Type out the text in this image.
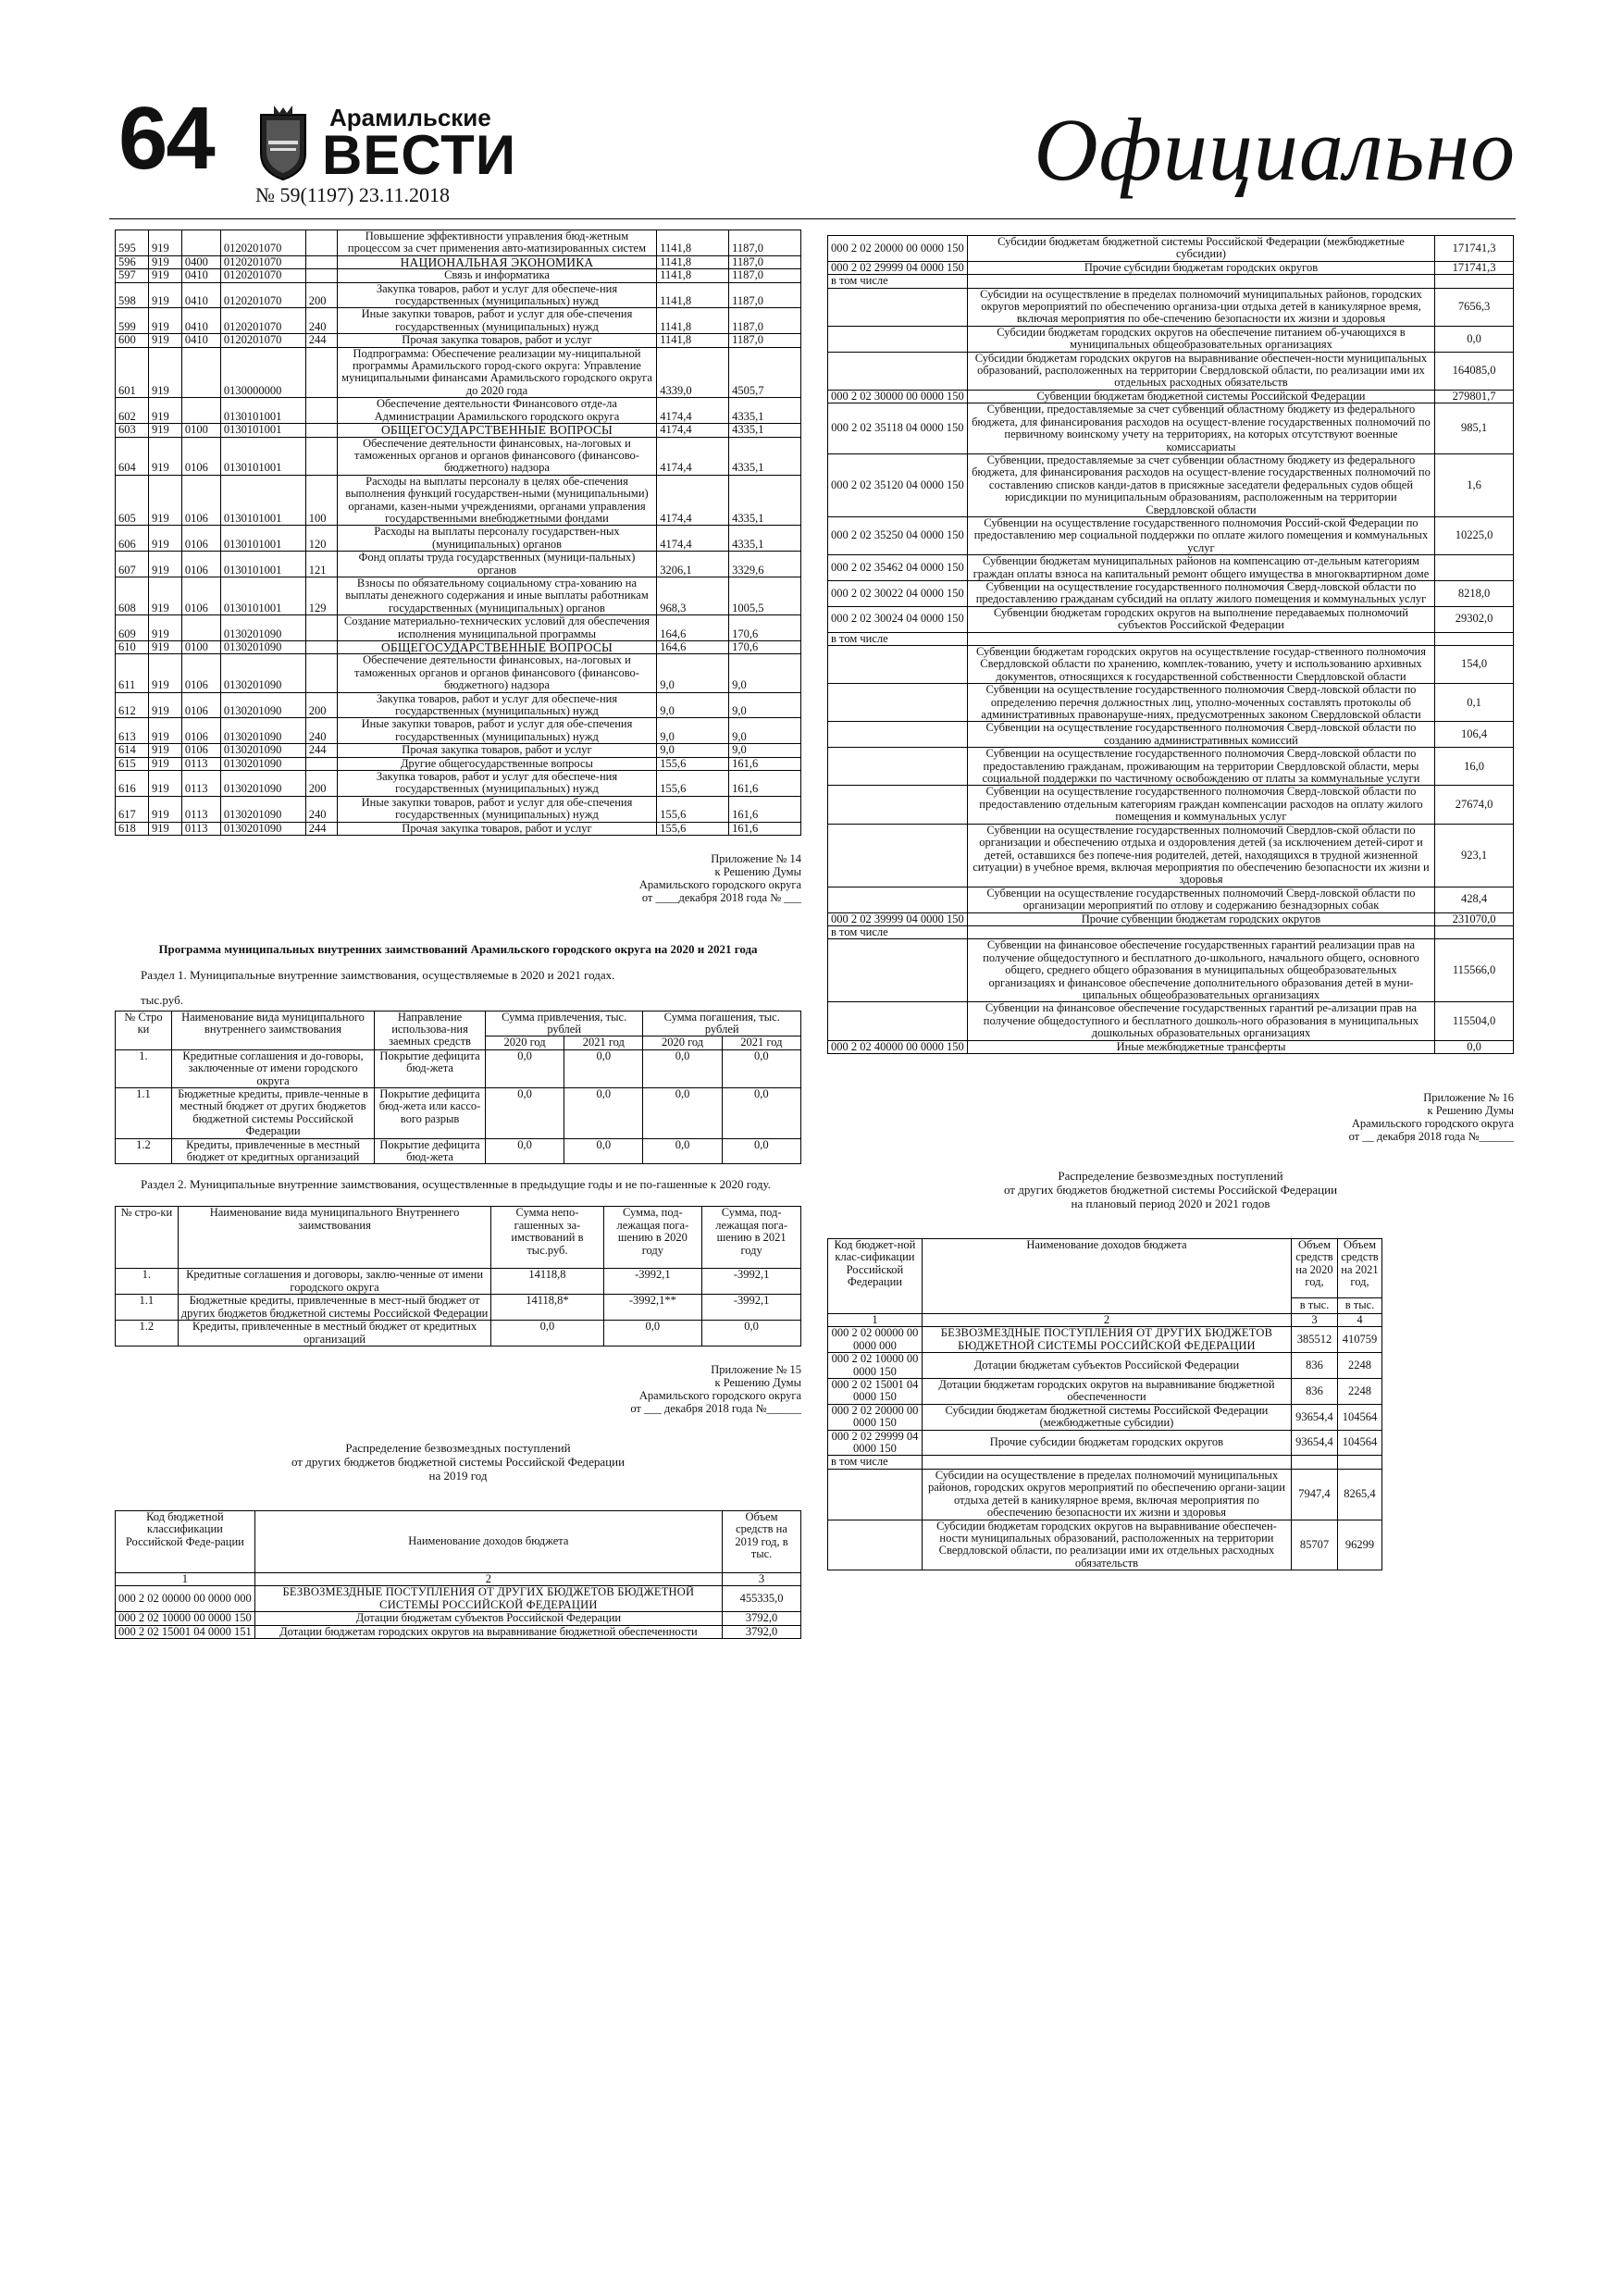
64	Арамильские
ВЕСТИ
№ 59(1197) 23.11.2018	Официально
595	919		0120201070		Повышение эффективности управления бюд-жетным процессом за счет применения авто-матизированных систем	1141,8	1187,0
596	919	0400	0120201070		НАЦИОНАЛЬНАЯ ЭКОНОМИКА	1141,8	1187,0
597	919	0410	0120201070		Связь и информатика	1141,8	1187,0
598	919	0410	0120201070	200	Закупка товаров, работ и услуг для обеспече-ния государственных (муниципальных) нужд	1141,8	1187,0
599	919	0410	0120201070	240	Иные закупки товаров, работ и услуг для обе-спечения государственных (муниципальных) нужд	1141,8	1187,0
600	919	0410	0120201070	244	Прочая закупка товаров, работ и услуг	1141,8	1187,0
601	919		0130000000		Подпрограмма: Обеспечение реализации му-ниципальной программы Арамильского город-ского округа: Управление муниципальными финансами Арамильского городского округа до 2020 года	4339,0	4505,7
602	919		0130101001		Обеспечение деятельности Финансового отде-ла Администрации Арамильского городского округа	4174,4	4335,1
603	919	0100	0130101001		ОБЩЕГОСУДАРСТВЕННЫЕ ВОПРОСЫ	4174,4	4335,1
604	919	0106	0130101001		Обеспечение деятельности финансовых, на-логовых и таможенных органов и органов финансового (финансово-бюджетного) надзора	4174,4	4335,1
605	919	0106	0130101001	100	Расходы на выплаты персоналу в целях обе-спечения выполнения функций государствен-ными (муниципальными) органами, казен-ными учреждениями, органами управления государственными внебюджетными фондами	4174,4	4335,1
606	919	0106	0130101001	120	Расходы на выплаты персоналу государствен-ных (муниципальных) органов	4174,4	4335,1
607	919	0106	0130101001	121	Фонд оплаты труда государственных (муници-пальных) органов	3206,1	3329,6
608	919	0106	0130101001	129	Взносы по обязательному социальному стра-хованию на выплаты денежного содержания и иные выплаты работникам государственных (муниципальных) органов	968,3	1005,5
609	919		0130201090		Создание материально-технических условий для обеспечения исполнения муниципальной программы	164,6	170,6
610	919	0100	0130201090		ОБЩЕГОСУДАРСТВЕННЫЕ ВОПРОСЫ	164,6	170,6
611	919	0106	0130201090		Обеспечение деятельности финансовых, на-логовых и таможенных органов и органов финансового (финансово-бюджетного) надзора	9,0	9,0
612	919	0106	0130201090	200	Закупка товаров, работ и услуг для обеспече-ния государственных (муниципальных) нужд	9,0	9,0
613	919	0106	0130201090	240	Иные закупки товаров, работ и услуг для обе-спечения государственных (муниципальных) нужд	9,0	9,0
614	919	0106	0130201090	244	Прочая закупка товаров, работ и услуг	9,0	9,0
615	919	0113	0130201090		Другие общегосударственные вопросы	155,6	161,6
616	919	0113	0130201090	200	Закупка товаров, работ и услуг для обеспече-ния государственных (муниципальных) нужд	155,6	161,6
617	919	0113	0130201090	240	Иные закупки товаров, работ и услуг для обе-спечения государственных (муниципальных) нужд	155,6	161,6
618	919	0113	0130201090	244	Прочая закупка товаров, работ и услуг	155,6	161,6
Приложение № 14
к Решению Думы
Арамильского городского округа
от ____декабря 2018 года № ___
Программа муниципальных внутренних заимствований Арамильского городского округа на 2020 и 2021 года
Раздел 1. Муниципальные внутренние заимствования, осуществляемые в 2020 и 2021 годах.
тыс.руб.
№ Стро ки	Наименование вида муниципального внутреннего заимствования	Направление использова-ния заемных средств	Сумма привлечения, тыс. рублей		Сумма погашения, тыс. рублей	
			2020 год	2021 год	2020 год	2021 год
1.	Кредитные соглашения и до-говоры, заключенные от имени городского округа	Покрытие дефицита бюд-жета	0,0	0,0	0,0	0,0
1.1	Бюджетные кредиты, привле-ченные в местный бюджет от других бюджетов бюджетной системы Российской Федерации	Покрытие дефицита бюд-жета или кассо-вого разрыв	0,0	0,0	0,0	0,0
1.2	Кредиты, привлеченные в местный бюджет от кредитных организаций	Покрытие дефицита бюд-жета	0,0	0,0	0,0	0,0
Раздел 2. Муниципальные внутренние заимствования, осуществленные в предыдущие годы и не по-гашенные к 2020 году.
№ стро-ки	Наименование вида муниципального Внутреннего заимствования	Сумма непо-гашенных за-имствований в тыс.руб.	Сумма, под-лежащая пога-шению в 2020 году	Сумма, под-лежащая пога-шению в 2021 году
1.	Кредитные соглашения и договоры, заклю-ченные от имени городского округа	14118,8	-3992,1	-3992,1
1.1	Бюджетные кредиты, привлеченные в мест-ный бюджет от других бюджетов бюджетной системы Российской Федерации	14118,8*	-3992,1**	-3992,1
1.2	Кредиты, привлеченные в местный бюджет от кредитных организаций	0,0	0,0	0,0
Приложение № 15
к Решению Думы
Арамильского городского округа
от ___ декабря 2018 года №______
Распределение безвозмездных поступлений
от других бюджетов бюджетной системы Российской Федерации
на 2019 год
Код бюджетной классификации Российской Феде-рации	Наименование доходов бюджета	Объем средств на 2019 год, в тыс.
1	2	3
000 2 02 00000 00 0000 000	БЕЗВОЗМЕЗДНЫЕ ПОСТУПЛЕНИЯ ОТ ДРУГИХ БЮДЖЕТОВ БЮДЖЕТНОЙ СИСТЕМЫ РОССИЙСКОЙ ФЕДЕРАЦИИ	455335,0
000 2 02 10000 00 0000 150	Дотации бюджетам субъектов Российской Федерации	3792,0
000 2 02 15001 04 0000 151	Дотации бюджетам городских округов на выравнивание бюджетной обеспеченности	3792,0
000 2 02 20000 00 0000 150	Субсидии бюджетам бюджетной системы Российской Федерации (межбюджетные субсидии)	171741,3
000 2 02 29999 04 0000 150	Прочие субсидии бюджетам городских округов	171741,3
в том числе		
	Субсидии на осуществление в пределах полномочий муниципальных районов, городских округов мероприятий по обеспечению организа-ции отдыха детей в каникулярное время, включая мероприятия по обе-спечению безопасности их жизни и здоровья	7656,3
	Субсидии бюджетам городских округов на обеспечение питанием об-учающихся в муниципальных общеобразовательных организациях	0,0
	Субсидии бюджетам городских округов на выравнивание обеспечен-ности муниципальных образований, расположенных на территории Свердловской области, по реализации ими их отдельных расходных обязательств	164085,0
000 2 02 30000 00 0000 150	Субвенции бюджетам бюджетной системы Российской Федерации	279801,7
000 2 02 35118 04 0000 150	Субвенции, предоставляемые за счет субвенций областному бюджету из федерального бюджета, для финансирования расходов на осущест-вление государственных полномочий по первичному воинскому учету на территориях, на которых отсутствуют военные комиссариаты	985,1
000 2 02 35120 04 0000 150	Субвенции, предоставляемые за счет субвенции областному бюджету из федерального бюджета, для финансирования расходов на осущест-вление государственных полномочий по составлению списков канди-датов в присяжные заседатели федеральных судов общей юрисдикции по муниципальным образованиям, расположенным на территории Свердловской области	1,6
000 2 02 35250 04 0000 150	Субвенции на осуществление государственного полномочия Россий-ской Федерации по предоставлению мер социальной поддержки по оплате жилого помещения и коммунальных услуг	10225,0
000 2 02 35462 04 0000 150	Субвенции бюджетам муниципальных районов на компенсацию от-дельным категориям граждан оплаты взноса на капитальный ремонт общего имущества в многоквартирном доме	
000 2 02 30022 04 0000 150	Субвенции на осуществление государственного полномочия Сверд-ловской области по предоставлению гражданам субсидий на оплату жилого помещения и коммунальных услуг	8218,0
000 2 02 30024 04 0000 150	Субвенции бюджетам городских округов на выполнение передаваемых полномочий субъектов Российской Федерации	29302,0
в том числе		
	Субвенции бюджетам городских округов на осуществление государ-ственного полномочия Свердловской области по хранению, комплек-тованию, учету и использованию архивных документов, относящихся к государственной собственности Свердловской области	154,0
	Субвенции на осуществление государственного полномочия Сверд-ловской области по определению перечня должностных лиц, уполно-моченных составлять протоколы об административных правонаруше-ниях, предусмотренных законом Свердловской области	0,1
	Субвенции на осуществление государственного полномочия Сверд-ловской области по созданию административных комиссий	106,4
	Субвенции на осуществление государственного полномочия Сверд-ловской области по предоставлению гражданам, проживающим на территории Свердловской области, меры социальной поддержки по частичному освобождению от платы за коммунальные услуги	16,0
	Субвенции на осуществление государственного полномочия Сверд-ловской области по предоставлению отдельным категориям граждан компенсации расходов на оплату жилого помещения и коммунальных услуг	27674,0
	Субвенции на осуществление государственных полномочий Свердлов-ской области по организации и обеспечению отдыха и оздоровления детей (за исключением детей-сирот и детей, оставшихся без попече-ния родителей, детей, находящихся в трудной жизненной ситуации) в учебное время, включая мероприятия по обеспечению безопасности их жизни и здоровья	923,1
	Субвенции на осуществление государственных полномочий Сверд-ловской области по организации мероприятий по отлову и содержанию безнадзорных собак	428,4
000 2 02 39999 04 0000 150	Прочие субвенции бюджетам городских округов	231070,0
в том числе		
	Субвенции на финансовое обеспечение государственных гарантий реализации прав на получение общедоступного и бесплатного до-школьного, начального общего, основного общего, среднего общего образования в муниципальных общеобразовательных организациях и финансовое обеспечение дополнительного образования детей в муни-ципальных общеобразовательных организациях	115566,0
	Субвенции на финансовое обеспечение государственных гарантий ре-ализации прав на получение общедоступного и бесплатного дошколь-ного образования в муниципальных дошкольных образовательных организациях	115504,0
000 2 02 40000 00 0000 150	Иные межбюджетные трансферты	0,0
Приложение № 16
к Решению Думы
Арамильского городского округа
от __ декабря 2018 года №______
Распределение безвозмездных поступлений
от других бюджетов бюджетной системы Российской Федерации
на плановый период 2020 и 2021 годов
Код бюджет-ной клас-сификации Российской Федерации	Наименование доходов бюджета	Объем средств на 2020 год,	Объем средств на 2021 год,
		в тыс.	в тыс.
1	2	3	4
000 2 02 00000 00 0000 000	БЕЗВОЗМЕЗДНЫЕ ПОСТУПЛЕНИЯ ОТ ДРУГИХ БЮДЖЕТОВ БЮДЖЕТНОЙ СИСТЕМЫ РОССИЙСКОЙ ФЕДЕРАЦИИ	385512	410759
000 2 02 10000 00 0000 150	Дотации бюджетам субъектов Российской Федерации	836	2248
000 2 02 15001 04 0000 150	Дотации бюджетам городских округов на выравнивание бюджетной обеспеченности	836	2248
000 2 02 20000 00 0000 150	Субсидии бюджетам бюджетной системы Российской Федерации (межбюджетные субсидии)	93654,4	104564
000 2 02 29999 04 0000 150	Прочие субсидии бюджетам городских округов	93654,4	104564
в том числе			
	Субсидии на осуществление в пределах полномочий муниципальных районов, городских округов мероприятий по обеспечению органи-зации отдыха детей в каникулярное время, включая мероприятия по обеспечению безопасности их жизни и здоровья	7947,4	8265,4
	Субсидии бюджетам городских округов на выравнивание обеспечен-ности муниципальных образований, расположенных на территории Свердловской области, по реализации ими их отдельных расходных обязательств	85707	96299
